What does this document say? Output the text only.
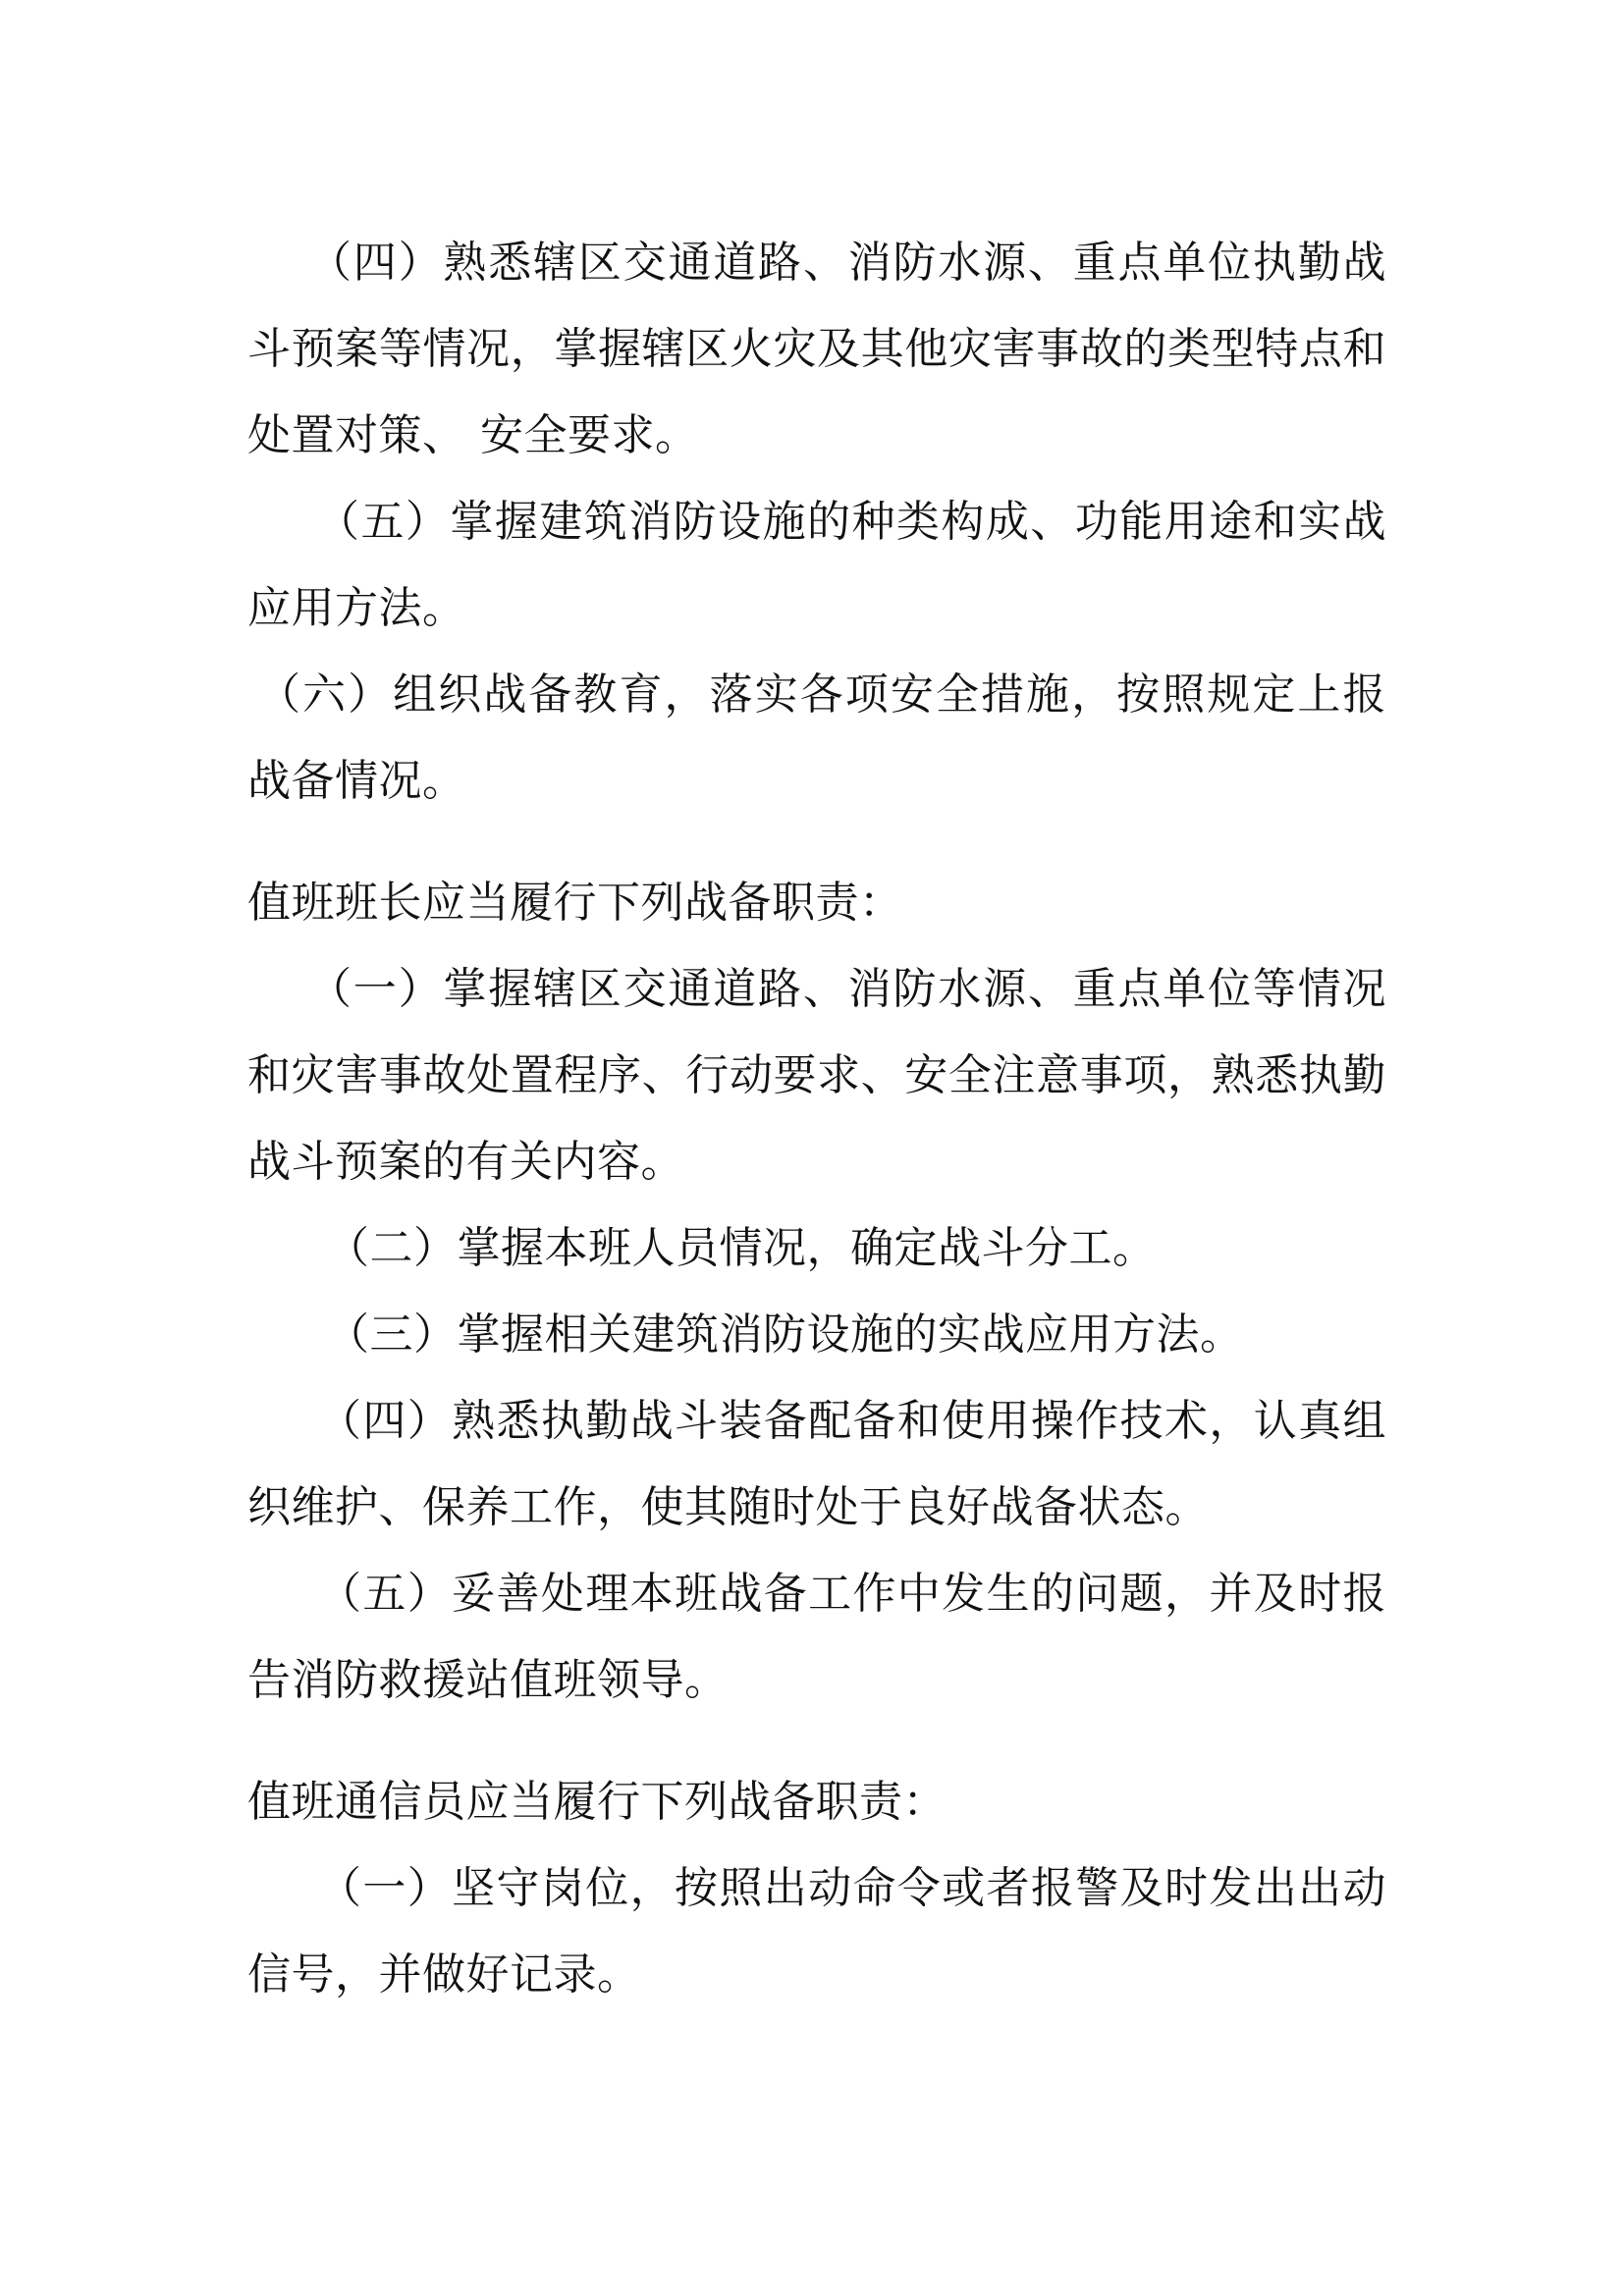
（四）熟悉辖区交通道路、消防水源、重点单位执勤战斗预案等情况，掌握辖区火灾及其他灾害事故的类型特点和处置对策、 安全要求。

（五）掌握建筑消防设施的种类构成、功能用途和实战应用方法。

（六）组织战备教育，落实各项安全措施，按照规定上报战备情况。

值班班长应当履行下列战备职责：

（一）掌握辖区交通道路、消防水源、重点单位等情况和灾害事故处置程序、行动要求、安全注意事项，熟悉执勤战斗预案的有关内容。

（二）掌握本班人员情况，确定战斗分工。

（三）掌握相关建筑消防设施的实战应用方法。

（四）熟悉执勤战斗装备配备和使用操作技术，认真组织维护、保养工作，使其随时处于良好战备状态。

（五）妥善处理本班战备工作中发生的问题，并及时报告消防救援站值班领导。

值班通信员应当履行下列战备职责：

（一）坚守岗位，按照出动命令或者报警及时发出出动信号，并做好记录。
